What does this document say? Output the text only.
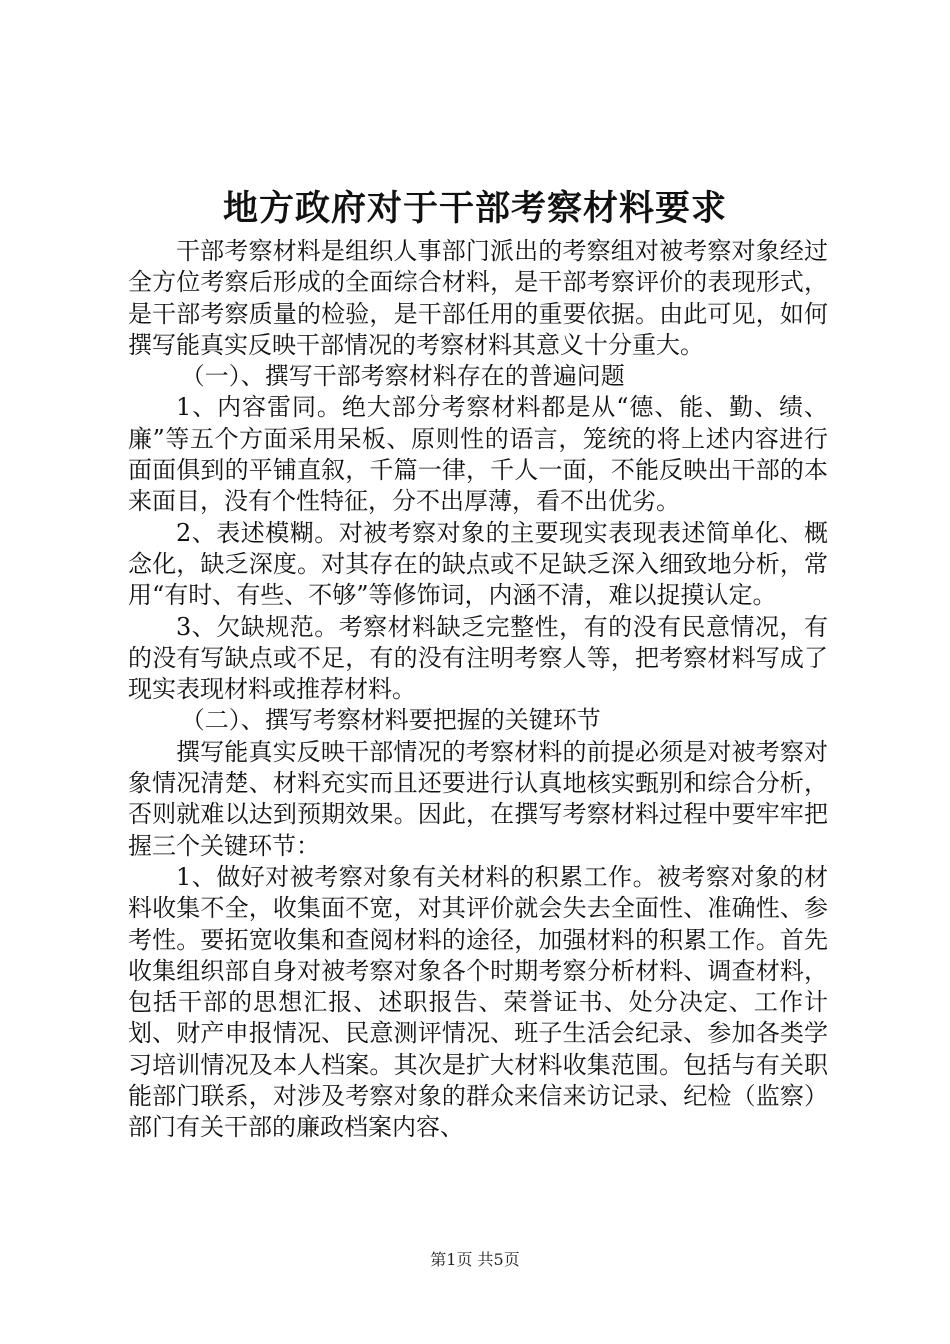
地方政府对于干部考察材料要求

干部考察材料是组织人事部门派出的考察组对被考察对象经过全方位考察后形成的全面综合材料，是干部考察评价的表现形式，是干部考察质量的检验，是干部任用的重要依据。由此可见，如何撰写能真实反映干部情况的考察材料其意义十分重大。

（一）、撰写干部考察材料存在的普遍问题

1、内容雷同。绝大部分考察材料都是从“德、能、勤、绩、廉”等五个方面采用呆板、原则性的语言，笼统的将上述内容进行面面俱到的平铺直叙，千篇一律，千人一面，不能反映出干部的本来面目，没有个性特征，分不出厚薄，看不出优劣。

2、表述模糊。对被考察对象的主要现实表现表述简单化、概念化，缺乏深度。对其存在的缺点或不足缺乏深入细致地分析，常用“有时、有些、不够”等修饰词，内涵不清，难以捉摸认定。

3、欠缺规范。考察材料缺乏完整性，有的没有民意情况，有的没有写缺点或不足，有的没有注明考察人等，把考察材料写成了现实表现材料或推荐材料。

（二）、撰写考察材料要把握的关键环节

撰写能真实反映干部情况的考察材料的前提必须是对被考察对象情况清楚、材料充实而且还要进行认真地核实甄别和综合分析，否则就难以达到预期效果。因此，在撰写考察材料过程中要牢牢把握三个关键环节：

1、做好对被考察对象有关材料的积累工作。被考察对象的材料收集不全，收集面不宽，对其评价就会失去全面性、准确性、参考性。要拓宽收集和查阅材料的途径，加强材料的积累工作。首先收集组织部自身对被考察对象各个时期考察分析材料、调查材料，包括干部的思想汇报、述职报告、荣誉证书、处分决定、工作计划、财产申报情况、民意测评情况、班子生活会纪录、参加各类学习培训情况及本人档案。其次是扩大材料收集范围。包括与有关职能部门联系，对涉及考察对象的群众来信来访记录、纪检（监察）部门有关干部的廉政档案内容、

第1页 共5页
